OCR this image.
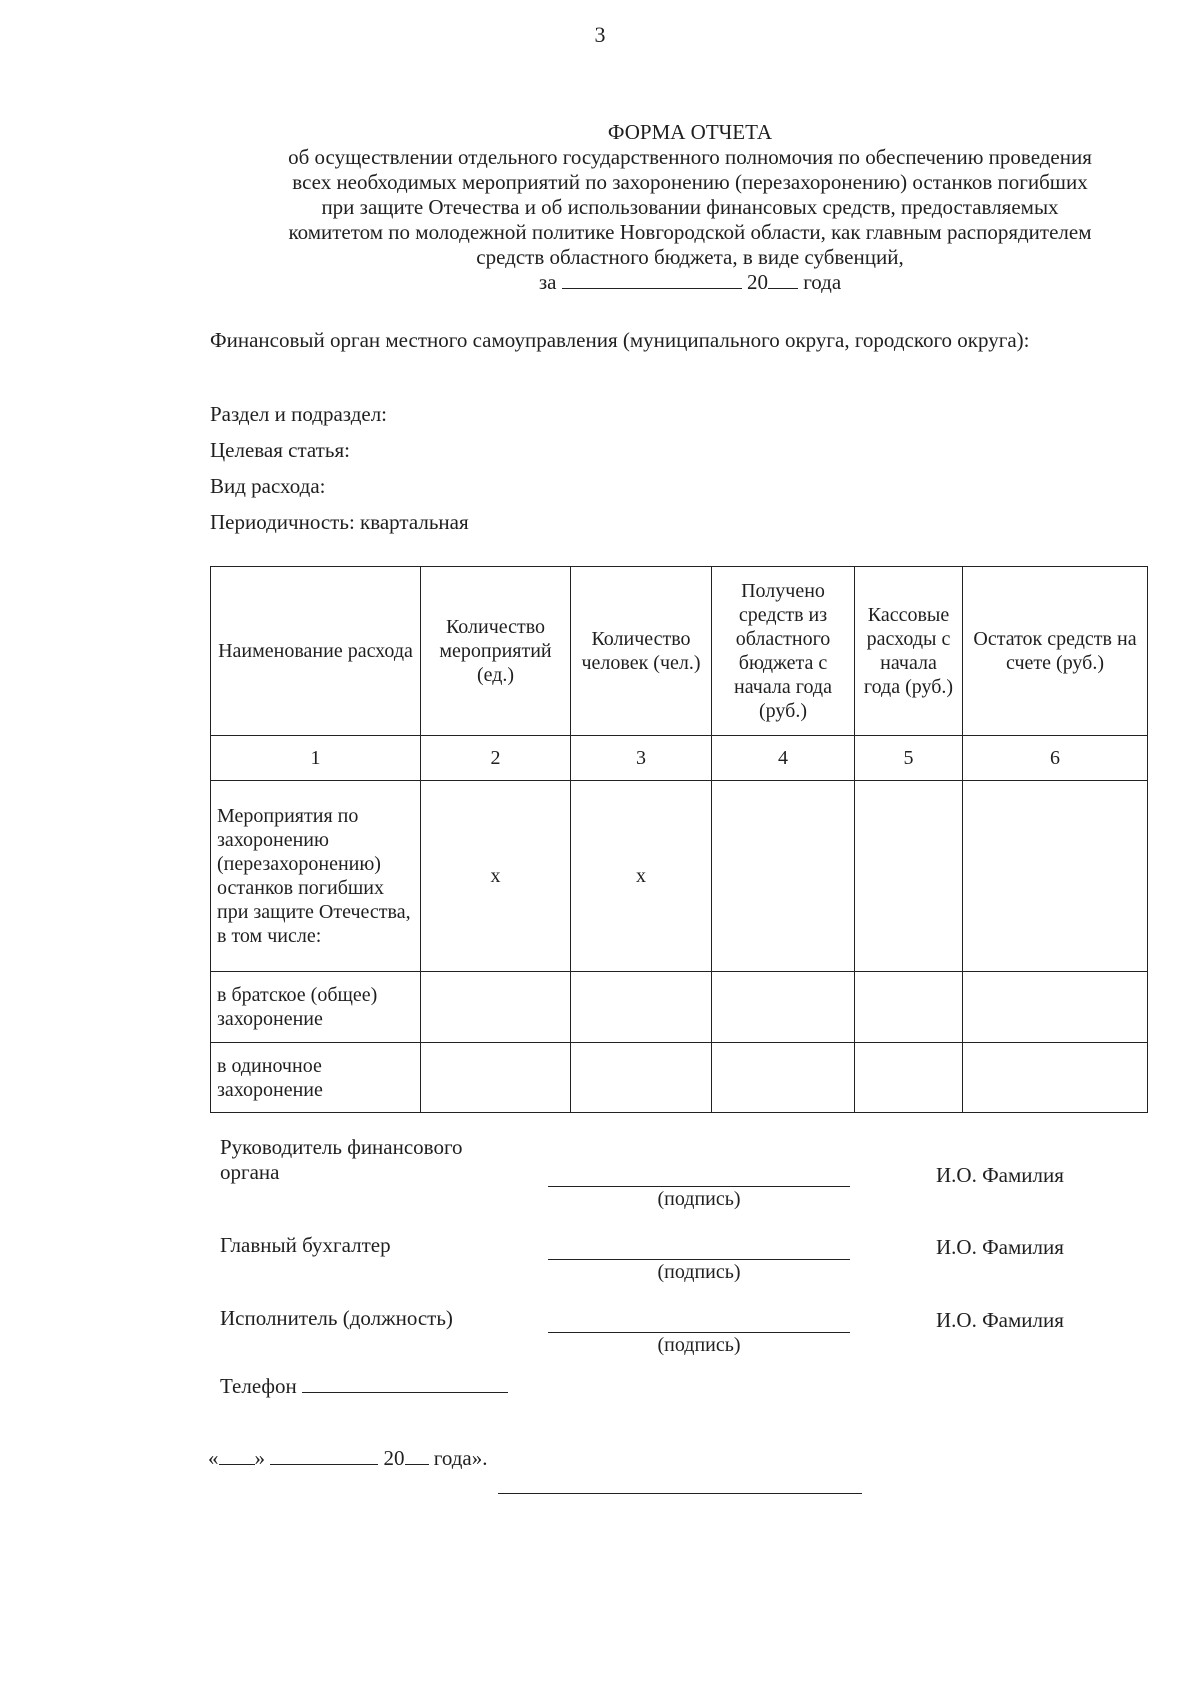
3
ФОРМА ОТЧЕТА
об осуществлении отдельного государственного полномочия по обеспечению проведения
всех необходимых мероприятий по захоронению (перезахоронению) останков погибших
при защите Отечества и об использовании финансовых средств, предоставляемых
комитетом по молодежной политике Новгородской области, как главным распорядителем
средств областного бюджета, в виде субвенций,
за	20 года
Финансовый орган местного самоуправления (муниципального округа, городского округа):
Раздел и подраздел:
Целевая статья:
Вид расхода:
Периодичность: квартальная
Наименование расхода	Количество мероприятий (ед.)	Количество человек (чел.)	Получено средств из областного бюджета с начала года (руб.)	Кассовые расходы с начала года (руб.)	Остаток средств на счете (руб.)
1	2	3	4	5	6
Мероприятия по захоронению (перезахоронению) останков погибших при защите Отечества, в том числе:	x	x			
в братское (общее) захоронение					
в одиночное захоронение					
Руководитель финансового
органа
(подпись)
И.О. Фамилия
Главный бухгалтер
(подпись)
И.О. Фамилия
Исполнитель (должность)
(подпись)
И.О. Фамилия
Телефон
« »	20 года».
